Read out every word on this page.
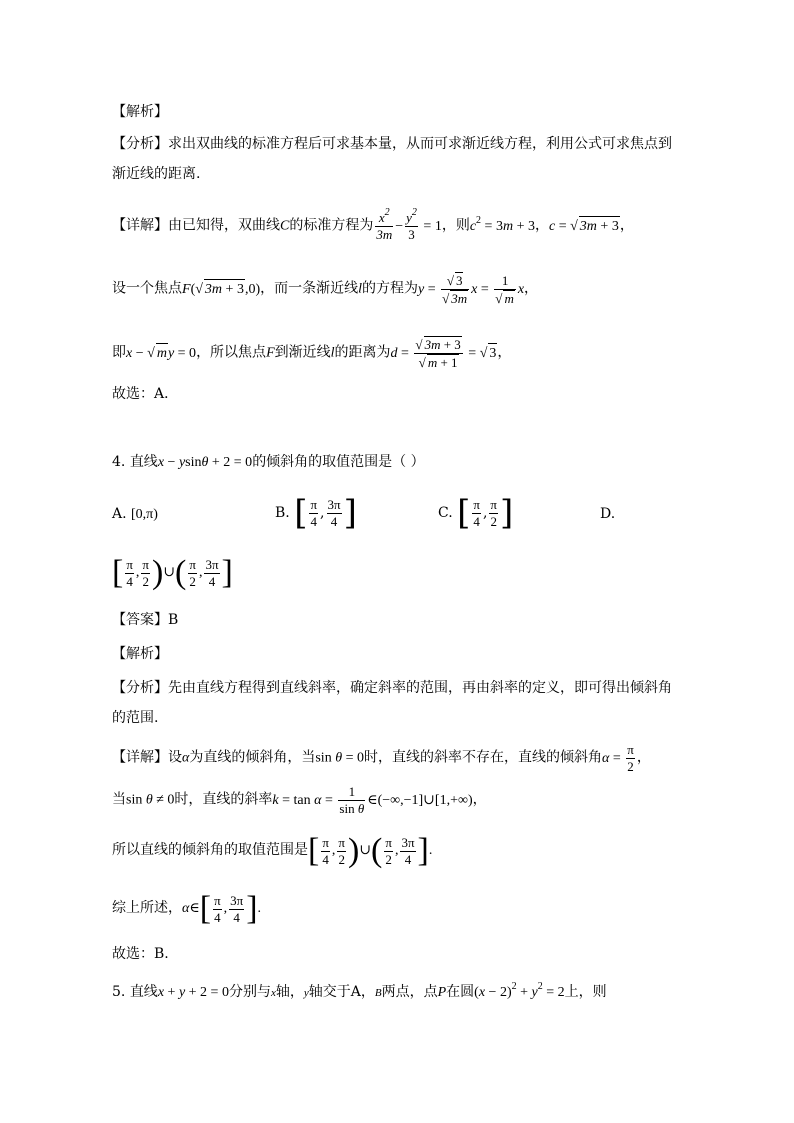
【解析】
【分析】求出双曲线的标准方程后可求基本量，从而可求渐近线方程，利用公式可求焦点到
渐近线的距离.
【详解】由已知得，双曲线C的标准方程为 $\frac{x^2}{3m} - \frac{y^2}{3} = 1$，则$c^2 = 3m + 3$，c = √ 3m + 3，
设一个焦点F(√ 3m + 3,0)，而一条渐近线l的方程为$y = \frac{√ 3}{√ 3m}$ $x = \frac{1}{√ m}$ x，
即x − √ my = 0，所以焦点F到渐近线l的距离为$d = \frac{√ 3m + 3}{√ m + 1}$ = √ 3，
故选：A．
4. 直线x − ysinθ + 2 = 0的倾斜角的取值范围是（ ）
A. [0,π)	B. [ $\frac{\pi}{4}$ , $\frac{3\pi}{4}$ ]	C. [ $\frac{\pi}{4}$ , $\frac{\pi}{2}$ ]	D.
[ $\frac{\pi}{4}$ , $\frac{\pi}{2}$ )∪( $\frac{\pi}{2}$ , $\frac{3\pi}{4}$ ]
【答案】B
【解析】
【分析】先由直线方程得到直线斜率，确定斜率的范围，再由斜率的定义，即可得出倾斜角
的范围.
【详解】设α为直线的倾斜角，当sin θ = 0时，直线的斜率不存在，直线的倾斜角$\alpha = \frac{\pi}{2}$ ，
当sin θ ≠ 0时，直线的斜率$k = \tan \alpha = \frac{1}{\text{sin θ}}$ ∈(−∞,−1]∪[1,+∞)，
所以直线的倾斜角的取值范围是[ $\frac{\pi}{4}$ , $\frac{\pi}{2}$ )∪( $\frac{\pi}{2}$ , $\frac{3\pi}{4}$ ].
综上所述，α∈[ $\frac{\pi}{4}$ , $\frac{3\pi}{4}$ ].
故选：B.
5. 直线x + y + 2 = 0分别与x轴，y轴交于A，B两点，点P在圆$(x - 2)^2 + y^2 = 2$上，则
